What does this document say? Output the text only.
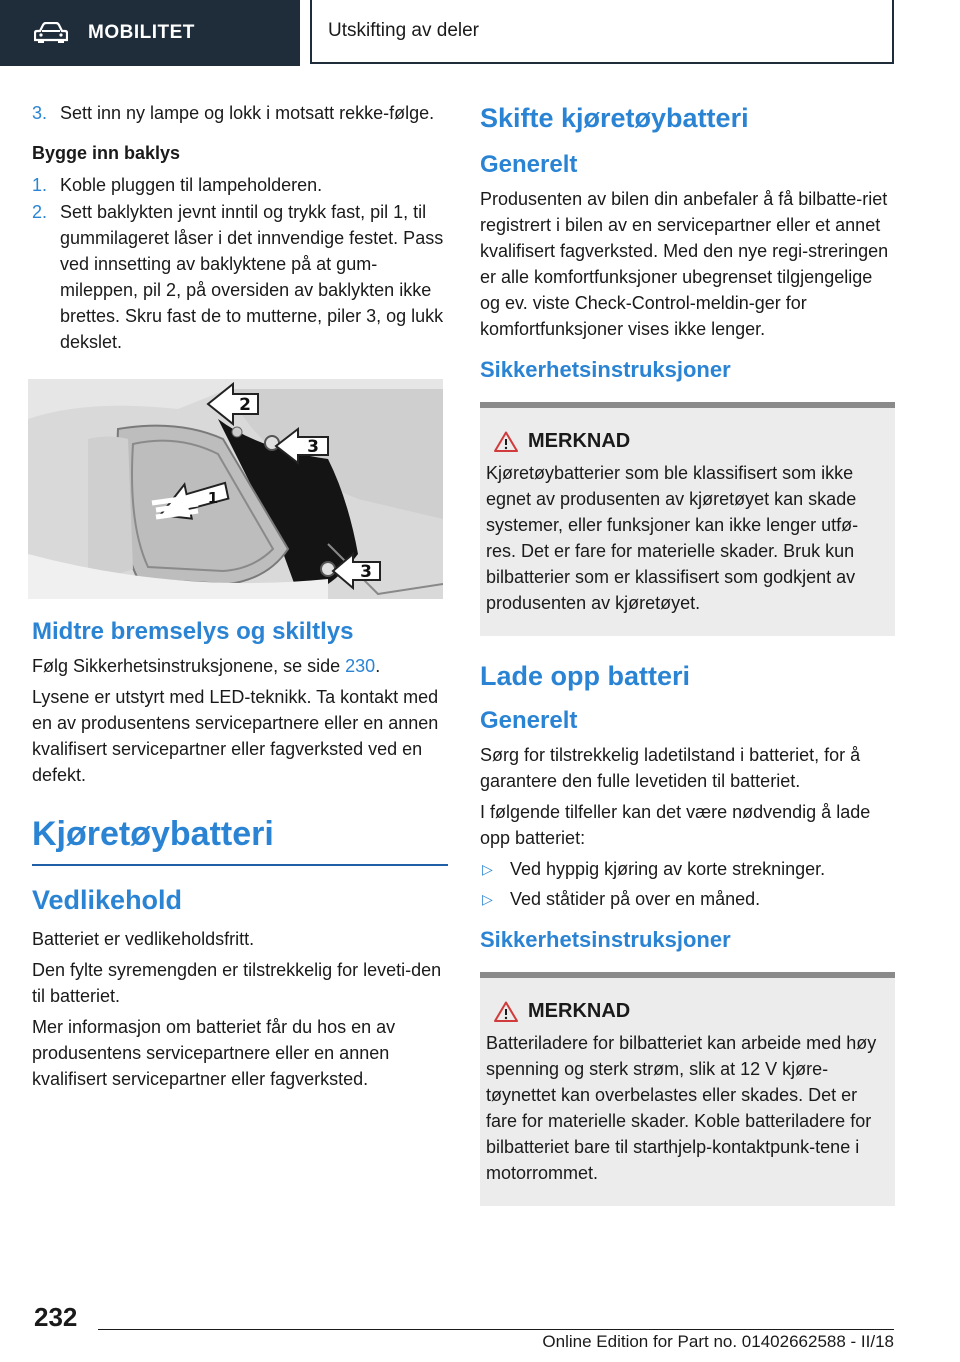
MOBILITET	Utskifting av deler
3. Sett inn ny lampe og lokk i motsatt rekke-følge.

Bygge inn baklys

1. Koble pluggen til lampeholderen.
2. Sett baklykten jevnt inntil og trykk fast, pil 1, til gummilageret låser i det innvendige festet. Pass ved innsetting av baklyktene på at gum-mileppen, pil 2, på oversiden av baklykten ikke brettes. Skru fast de to mutterne, piler 3, og lukk dekslet.
2
3
1
3
Midtre bremselys og skiltlys

Følg Sikkerhetsinstruksjonene, se side 230.

Lysene er utstyrt med LED-teknikk. Ta kontakt med en av produsentens servicepartnere eller en annen kvalifisert servicepartner eller fagverksted ved en defekt.

Kjøretøybatteri
Vedlikehold

Batteriet er vedlikeholdsfritt.

Den fylte syremengden er tilstrekkelig for leveti-den til batteriet.

Mer informasjon om batteriet får du hos en av produsentens servicepartnere eller en annen kvalifisert servicepartner eller fagverksted.

Skifte kjøretøybatteri
Generelt

Produsenten av bilen din anbefaler å få bilbatte-riet registrert i bilen av en servicepartner eller et annet kvalifisert fagverksted. Med den nye regi-streringen er alle komfortfunksjoner ubegrenset tilgjengelige og ev. viste Check-Control-meldin-ger for komfortfunksjoner vises ikke lenger.

Sikkerhetsinstruksjoner
MERKNAD
Kjøretøybatterier som ble klassifisert som ikke egnet av produsenten av kjøretøyet kan skade systemer, eller funksjoner kan ikke lenger utfø-res. Det er fare for materielle skader. Bruk kun bilbatterier som er klassifisert som godkjent av produsenten av kjøretøyet.
Lade opp batteri
Generelt

Sørg for tilstrekkelig ladetilstand i batteriet, for å garantere den fulle levetiden til batteriet.

I følgende tilfeller kan det være nødvendig å lade opp batteriet:

▷ Ved hyppig kjøring av korte strekninger.
▷ Ved ståtider på over en måned.
Sikkerhetsinstruksjoner
MERKNAD
Batteriladere for bilbatteriet kan arbeide med høy spenning og sterk strøm, slik at 12 V kjøre-tøynettet kan overbelastes eller skades. Det er fare for materielle skader. Koble batteriladere for bilbatteriet bare til starthjelp-kontaktpunk-tene i motorrommet.
232
Online Edition for Part no. 01402662588 - II/18
